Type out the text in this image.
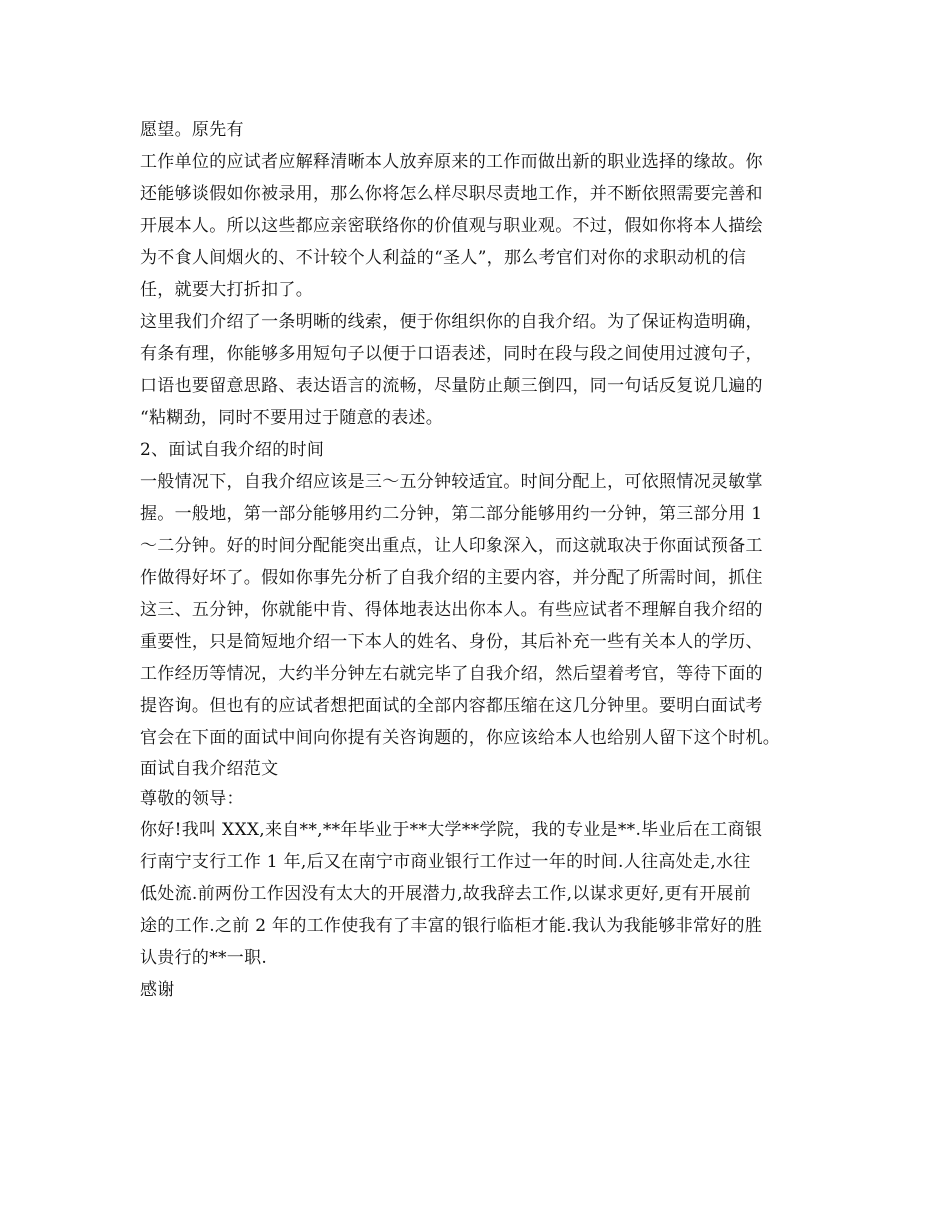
愿望。原先有
工作单位的应试者应解释清晰本人放弃原来的工作而做出新的职业选择的缘故。你
还能够谈假如你被录用，那么你将怎么样尽职尽责地工作，并不断依照需要完善和
开展本人。所以这些都应亲密联络你的价值观与职业观。不过，假如你将本人描绘
为不食人间烟火的、不计较个人利益的“圣人”，那么考官们对你的求职动机的信
任，就要大打折扣了。
这里我们介绍了一条明晰的线索，便于你组织你的自我介绍。为了保证构造明确，
有条有理，你能够多用短句子以便于口语表述，同时在段与段之间使用过渡句子，
口语也要留意思路、表达语言的流畅，尽量防止颠三倒四，同一句话反复说几遍的
“粘糊劲，同时不要用过于随意的表述。
2、面试自我介绍的时间
一般情况下，自我介绍应该是三～五分钟较适宜。时间分配上，可依照情况灵敏掌
握。一般地，第一部分能够用约二分钟，第二部分能够用约一分钟，第三部分用 1
～二分钟。好的时间分配能突出重点，让人印象深入，而这就取决于你面试预备工
作做得好坏了。假如你事先分析了自我介绍的主要内容，并分配了所需时间，抓住
这三、五分钟，你就能中肯、得体地表达出你本人。有些应试者不理解自我介绍的
重要性，只是简短地介绍一下本人的姓名、身份，其后补充一些有关本人的学历、
工作经历等情况，大约半分钟左右就完毕了自我介绍，然后望着考官，等待下面的
提咨询。但也有的应试者想把面试的全部内容都压缩在这几分钟里。要明白面试考
官会在下面的面试中间向你提有关咨询题的，你应该给本人也给别人留下这个时机。
面试自我介绍范文
尊敬的领导：
你好!我叫 XXX,来自**,**年毕业于**大学**学院，我的专业是**.毕业后在工商银
行南宁支行工作 1 年,后又在南宁市商业银行工作过一年的时间.人往高处走,水往
低处流.前两份工作因没有太大的开展潜力,故我辞去工作,以谋求更好,更有开展前
途的工作.之前 2 年的工作使我有了丰富的银行临柜才能.我认为我能够非常好的胜
认贵行的**一职.
感谢
